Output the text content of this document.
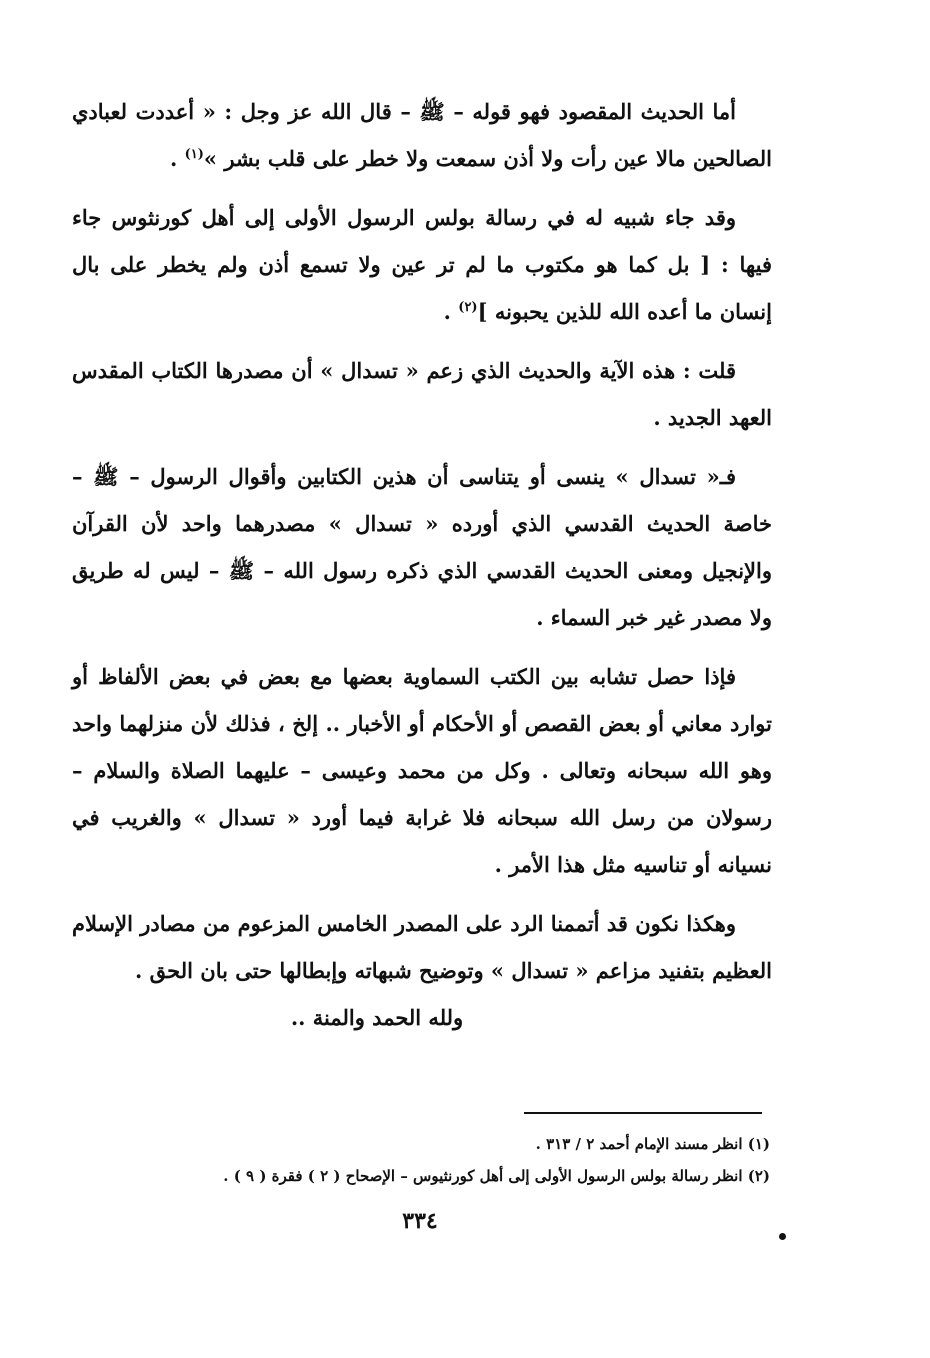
أما الحديث المقصود فهو قوله – ﷺ – قال الله عز وجل : « أعددت لعبادي الصالحين مالا عين رأت ولا أذن سمعت ولا خطر على قلب بشر »$^{(١)}$ .

وقد جاء شبيه له في رسالة بولس الرسول الأولى إلى أهل كورنثوس جاء فيها : [ بل كما هو مكتوب ما لم تر عين ولا تسمع أذن ولم يخطر على بال إنسان ما أعده الله للذين يحبونه ]$^{(٢)}$ .

قلت : هذه الآية والحديث الذي زعم « تسدال » أن مصدرها الكتاب المقدس العهد الجديد .

فـ« تسدال » ينسى أو يتناسى أن هذين الكتابين وأقوال الرسول – ﷺ – خاصة الحديث القدسي الذي أورده « تسدال » مصدرهما واحد لأن القرآن والإنجيل ومعنى الحديث القدسي الذي ذكره رسول الله – ﷺ – ليس له طريق ولا مصدر غير خبر السماء .

فإذا حصل تشابه بين الكتب السماوية بعضها مع بعض في بعض الألفاظ أو توارد معاني أو بعض القصص أو الأحكام أو الأخبار .. إلخ ، فذلك لأن منزلهما واحد وهو الله سبحانه وتعالى . وكل من محمد وعيسى – عليهما الصلاة والسلام – رسولان من رسل الله سبحانه فلا غرابة فيما أورد « تسدال » والغريب في نسيانه أو تناسيه مثل هذا الأمر .

وهكذا نكون قد أتممنا الرد على المصدر الخامس المزعوم من مصادر الإسلام العظيم بتفنيد مزاعم « تسدال » وتوضيح شبهاته وإبطالها حتى بان الحق .

ولله الحمد والمنة ..

(١) انظر مسند الإمام أحمد ٢ / ٣١٣ .
(٢) انظر رسالة بولس الرسول الأولى إلى أهل كورنثيوس – الإصحاح ( ٢ ) فقرة ( ٩ ) .
٣٣٤
